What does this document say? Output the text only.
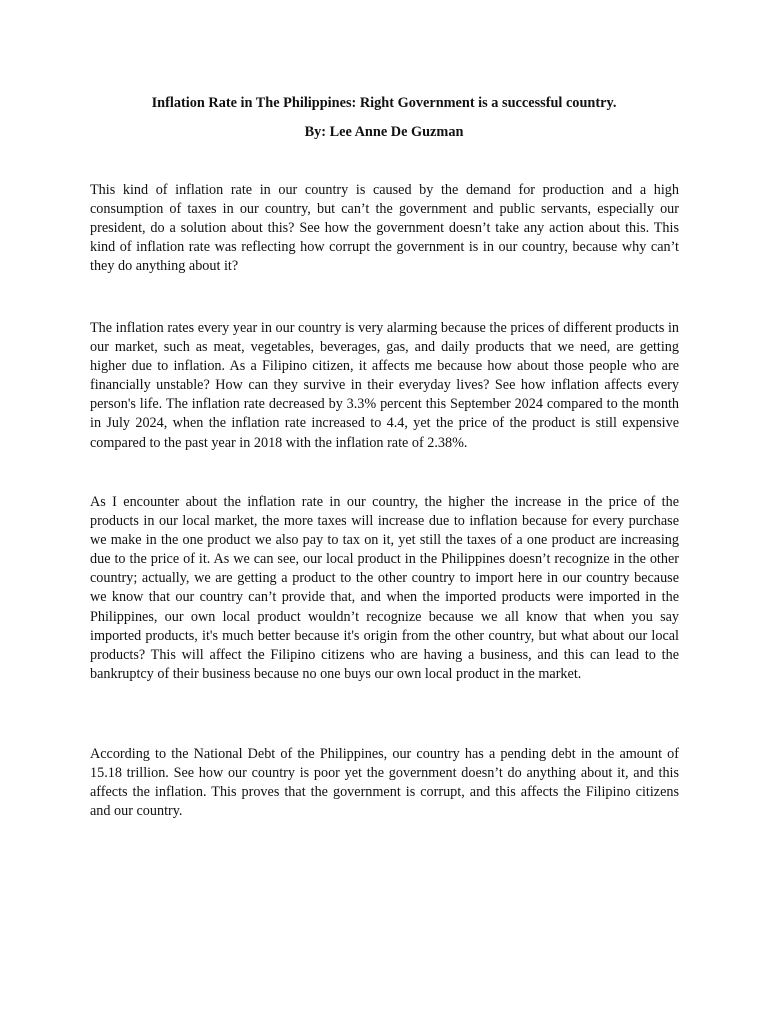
Inflation Rate in The Philippines: Right Government is a successful country.
By: Lee Anne De Guzman

This kind of inflation rate in our country is caused by the demand for production and a high consumption of taxes in our country, but can’t the government and public servants, especially our president, do a solution about this? See how the government doesn’t take any action about this. This kind of inflation rate was reflecting how corrupt the government is in our country, because why can’t they do anything about it?

The inflation rates every year in our country is very alarming because the prices of different products in our market, such as meat, vegetables, beverages, gas, and daily products that we need, are getting higher due to inflation. As a Filipino citizen, it affects me because how about those people who are financially unstable? How can they survive in their everyday lives? See how inflation affects every person's life. The inflation rate decreased by 3.3% percent this September 2024 compared to the month in July 2024, when the inflation rate increased to 4.4, yet the price of the product is still expensive compared to the past year in 2018 with the inflation rate of 2.38%.

As I encounter about the inflation rate in our country, the higher the increase in the price of the products in our local market, the more taxes will increase due to inflation because for every purchase we make in the one product we also pay to tax on it, yet still the taxes of a one product are increasing due to the price of it. As we can see, our local product in the Philippines doesn’t recognize in the other country; actually, we are getting a product to the other country to import here in our country because we know that our country can’t provide that, and when the imported products were imported in the Philippines, our own local product wouldn’t recognize because we all know that when you say imported products, it's much better because it's origin from the other country, but what about our local products? This will affect the Filipino citizens who are having a business, and this can lead to the bankruptcy of their business because no one buys our own local product in the market.

According to the National Debt of the Philippines, our country has a pending debt in the amount of 15.18 trillion. See how our country is poor yet the government doesn’t do anything about it, and this affects the inflation. This proves that the government is corrupt, and this affects the Filipino citizens and our country.
